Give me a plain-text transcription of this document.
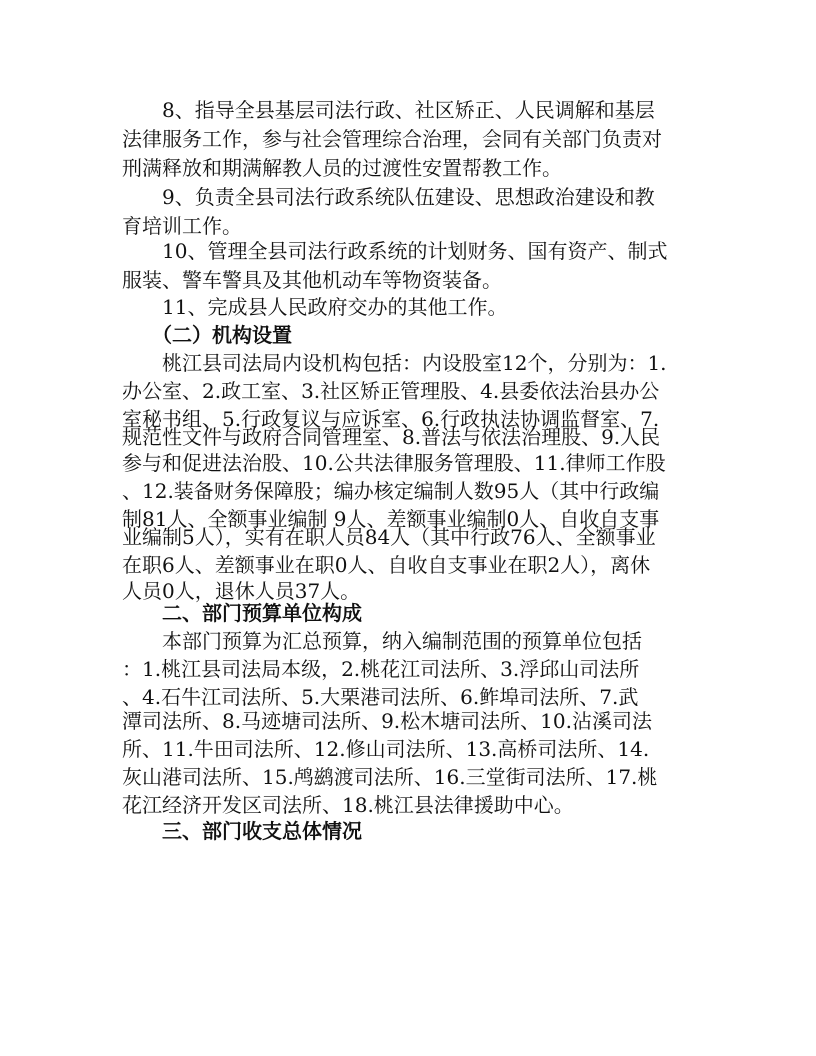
　　8、指导全县基层司法行政、社区矫正、人民调解和基层
法律服务工作，参与社会管理综合治理，会同有关部门负责对
刑满释放和期满解教人员的过渡性安置帮教工作。
　　9、负责全县司法行政系统队伍建设、思想政治建设和教
育培训工作。
　　10、管理全县司法行政系统的计划财务、国有资产、制式
服装、警车警具及其他机动车等物资装备。
　　11、完成县人民政府交办的其他工作。
　　（二）机构设置
　　桃江县司法局内设机构包括：内设股室12个，分别为：1.
办公室、2.政工室、3.社区矫正管理股、4.县委依法治县办公
室秘书组、5.行政复议与应诉室、6.行政执法协调监督室、7.
规范性文件与政府合同管理室、8.普法与依法治理股、9.人民
参与和促进法治股、10.公共法律服务管理股、11.律师工作股
、12.装备财务保障股；编办核定编制人数95人（其中行政编
制81人、全额事业编制 9人、差额事业编制0人、自收自支事
业编制5人），实有在职人员84人（其中行政76人、全额事业
在职6人、差额事业在职0人、自收自支事业在职2人），离休
人员0人，退休人员37人。
　　二、部门预算单位构成
　　本部门预算为汇总预算，纳入编制范围的预算单位包括
：1.桃江县司法局本级，2.桃花江司法所、3.浮邱山司法所
、4.石牛江司法所、5.大栗港司法所、6.鲊埠司法所、7.武
潭司法所、8.马迹塘司法所、9.松木塘司法所、10.沾溪司法
所、11.牛田司法所、12.修山司法所、13.高桥司法所、14.
灰山港司法所、15.鸬鹚渡司法所、16.三堂街司法所、17.桃
花江经济开发区司法所、18.桃江县法律援助中心。
　　三、部门收支总体情况
